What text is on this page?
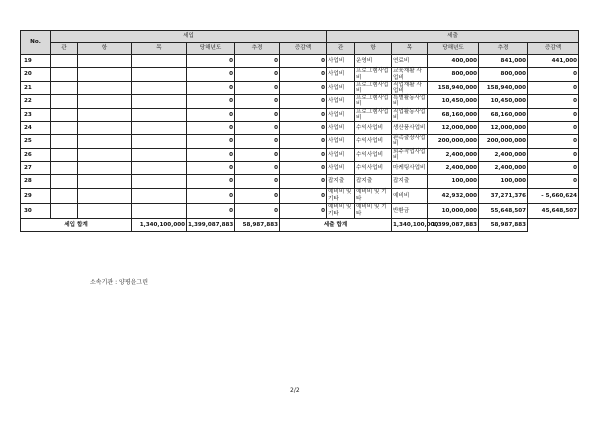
No.	세입						세출					
	관	항	목	당해년도	추경	증감액	관	항	목	당해년도	추경	증감액
19				0	0	0	사업비	운영비	연료비	400,000	841,000	441,000
20				0	0	0	사업비	프로그램사업비	교육재활 사업비	800,000	800,000	0
21				0	0	0	사업비	프로그램사업비	직업재활 사업비	158,940,000	158,940,000	0
22				0	0	0	사업비	프로그램사업비	특별활동사업비	10,450,000	10,450,000	0
23				0	0	0	사업비	프로그램사업비	직업활동사업비	68,160,000	68,160,000	0
24				0	0	0	사업비	수익사업비	생산품사업비	12,000,000	12,000,000	0
25				0	0	0	사업비	수익사업비	판촉출장사업비	200,000,000	200,000,000	0
26				0	0	0	사업비	수익사업비	외주작업사업비	2,400,000	2,400,000	0
27				0	0	0	사업비	수익사업비	마케팅사업비	2,400,000	2,400,000	0
28				0	0	0	잡지출	잡지출	잡지출	100,000	100,000	0
29				0	0	0	예비비 및 기타	예비비 및 기타	예비비	42,932,000	37,271,376	- 5,660,624
30				0	0	0	예비비 및 기타	예비비 및 기타	반환금	10,000,000	55,648,507	45,648,507
세입 합계			1,340,100,000	1,399,087,883	58,987,883	세출 합계			1,340,100,000	1,399,087,883	58,987,883	
소속기관 : 양평윤그린
2/2
